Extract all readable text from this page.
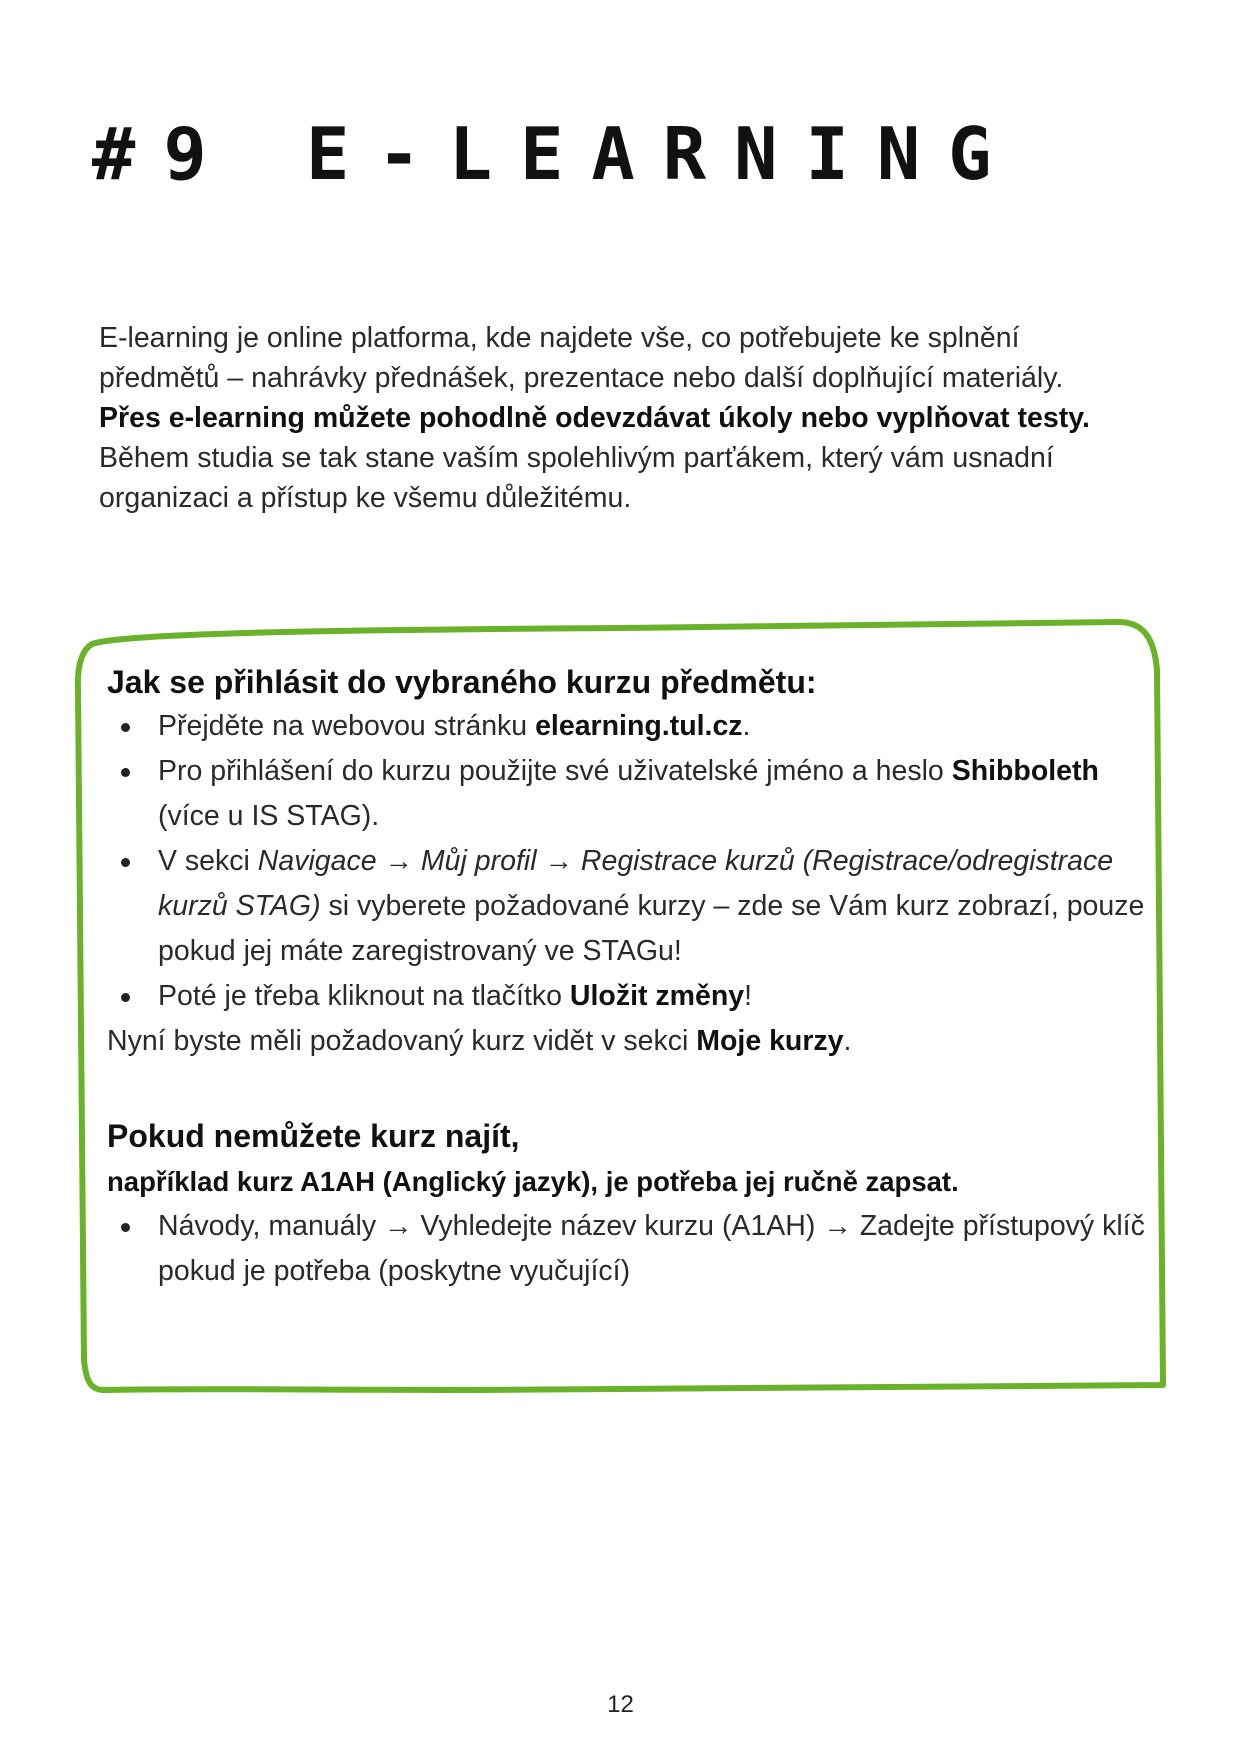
#9 E-LEARNING

E-learning je online platforma, kde najdete vše, co potřebujete ke splnění předmětů – nahrávky přednášek, prezentace nebo další doplňující materiály. Přes e-learning můžete pohodlně odevzdávat úkoly nebo vyplňovat testy. Během studia se tak stane vaším spolehlivým parťákem, který vám usnadní organizaci a přístup ke všemu důležitému.

Jak se přihlásit do vybraného kurzu předmětu:
Přejděte na webovou stránku elearning.tul.cz.
Pro přihlášení do kurzu použijte své uživatelské jméno a heslo Shibboleth (více u IS STAG).
V sekci Navigace → Můj profil → Registrace kurzů (Registrace/odregistrace kurzů STAG) si vyberete požadované kurzy – zde se Vám kurz zobrazí, pouze pokud jej máte zaregistrovaný ve STAGu!
Poté je třeba kliknout na tlačítko Uložit změny!

Nyní byste měli požadovaný kurz vidět v sekci Moje kurzy.

Pokud nemůžete kurz najít,

například kurz A1AH (Anglický jazyk), je potřeba jej ručně zapsat.

Návody, manuály → Vyhledejte název kurzu (A1AH) → Zadejte přístupový klíč pokud je potřeba (poskytne vyučující)
12
